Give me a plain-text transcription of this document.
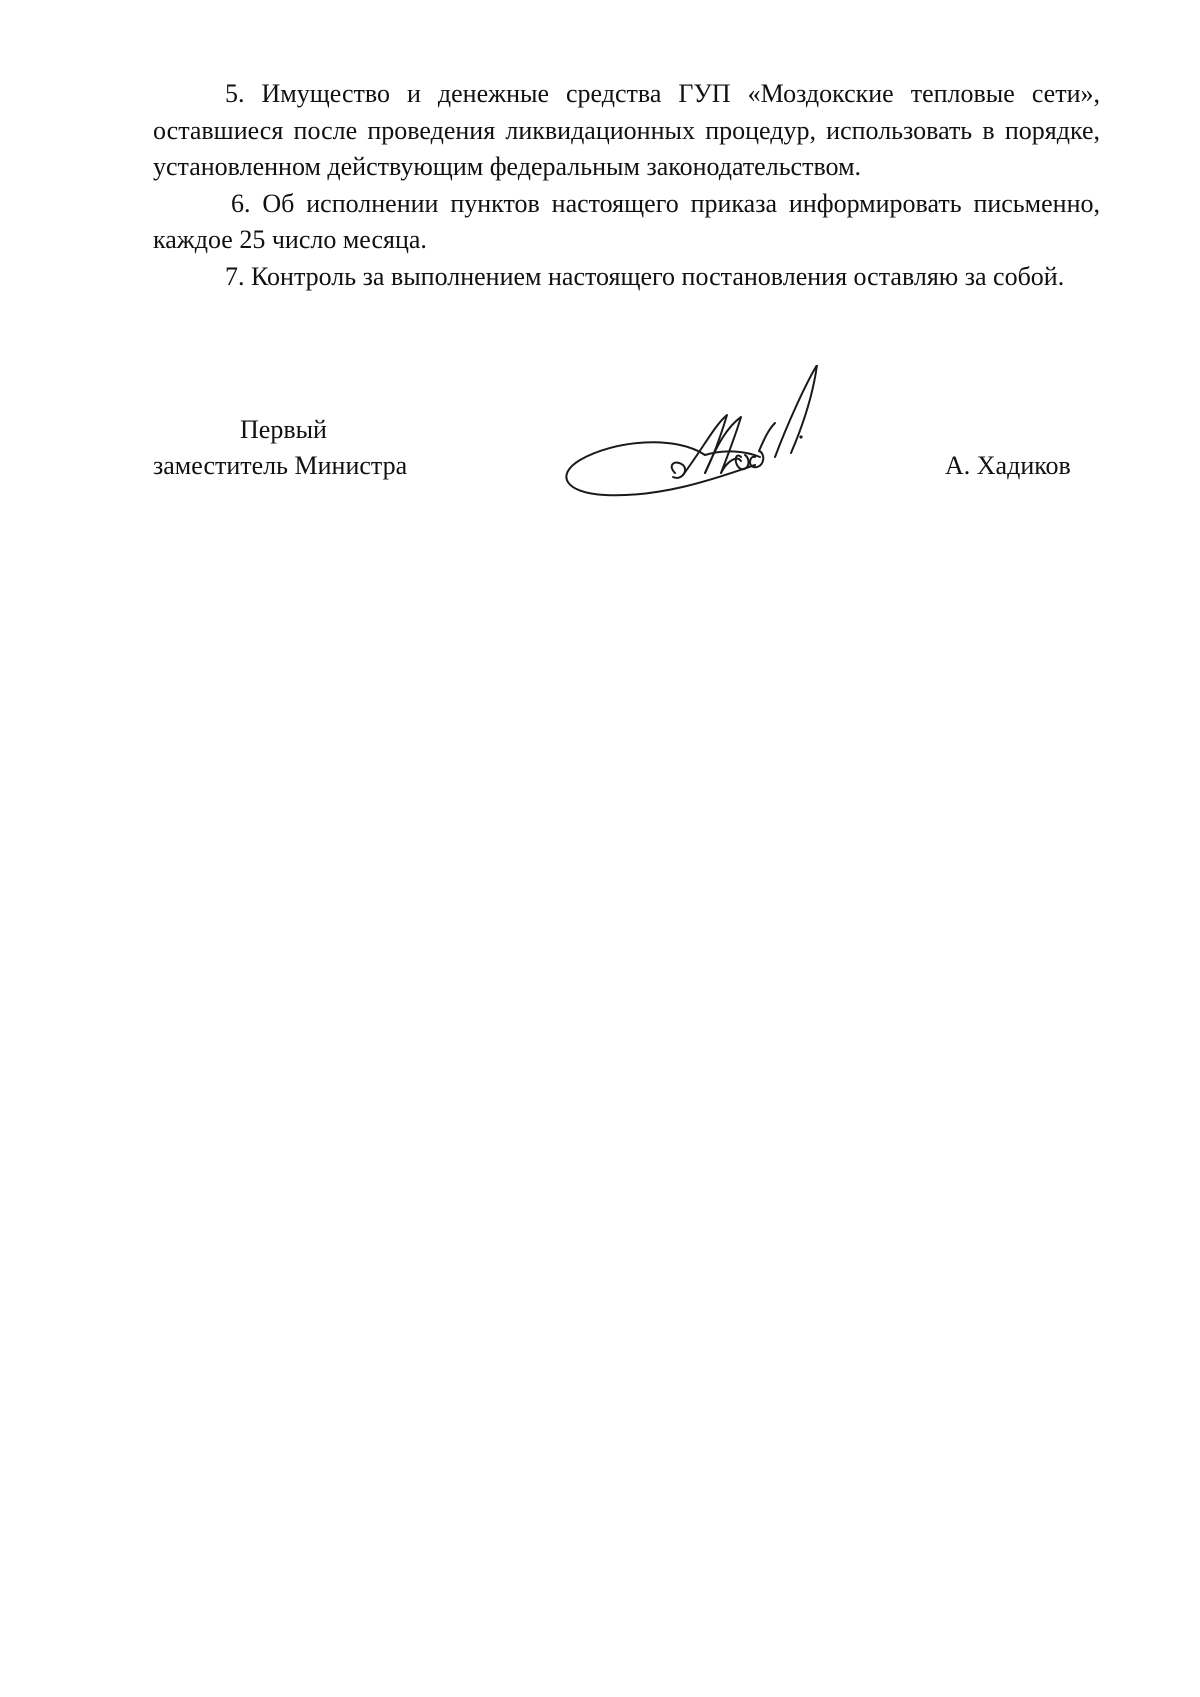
5. Имущество и денежные средства ГУП «Моздокские тепловые сети», оставшиеся после проведения ликвидационных процедур, использовать в порядке, установленном действующим федеральным законодательством.

6. Об исполнении пунктов настоящего приказа информировать письменно, каждое 25 число месяца.

7. Контроль за выполнением настоящего постановления оставляю за собой.

Первый
заместитель Министра	А. Хадиков
